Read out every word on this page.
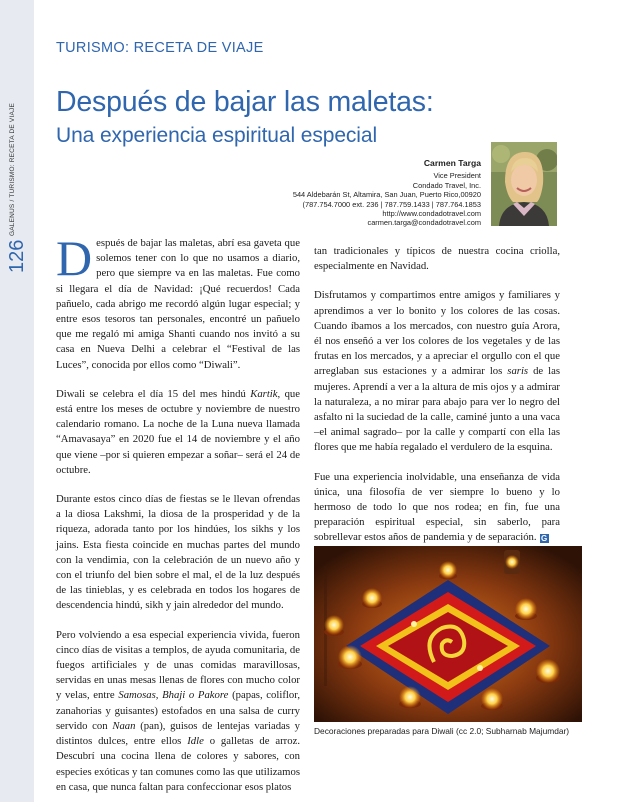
GALENUS / TURISMO: RECETA DE VIAJE
126
TURISMO: RECETA DE VIAJE
Después de bajar las maletas:
Una experiencia espiritual especial
Carmen Targa
Vice President
Condado Travel, Inc.
544 Aldebarán St, Altamira, San Juan, Puerto Rico,00920
(787.754.7000 ext. 236 | 787.759.1433 | 787.764.1853
http://www.condadotravel.com
carmen.targa@condadotravel.com

Después de bajar las maletas, abrí esa gaveta que solemos tener con lo que no usamos a diario, pero que siempre va en las maletas. Fue como si llegara el día de Navidad: ¡Qué recuerdos! Cada pañuelo, cada abrigo me recordó algún lugar especial; y entre esos tesoros tan personales, encontré un pañuelo que me regaló mi amiga Shanti cuando nos invitó a su casa en Nueva Delhi a celebrar el “Festival de las Luces”, conocida por ellos como “Diwali”.

Diwali se celebra el día 15 del mes hindú Kartik, que está entre los meses de octubre y noviembre de nuestro calendario romano. La noche de la Luna nueva llamada “Amavasaya” en 2020 fue el 14 de noviembre y el año que viene –por si quieren empezar a soñar– será el 24 de octubre.

Durante estos cinco días de fiestas se le llevan ofrendas a la diosa Lakshmi, la diosa de la prosperidad y de la riqueza, adorada tanto por los hindúes, los sikhs y los jains. Esta fiesta coincide en muchas partes del mundo con la vendimia, con la celebración de un nuevo año y con el triunfo del bien sobre el mal, el de la luz después de las tinieblas, y es celebrada en todos los hogares de descendencia hindú, sikh y jain alrededor del mundo.

Pero volviendo a esa especial experiencia vivida, fueron cinco días de visitas a templos, de ayuda comunitaria, de fuegos artificiales y de unas comidas maravillosas, servidas en unas mesas llenas de flores con mucho color y velas, entre Samosas, Bhaji o Pakore (papas, coliflor, zanahorias y guisantes) estofados en una salsa de curry servido con Naan (pan), guisos de lentejas variadas y distintos dulces, entre ellos Idle o galletas de arroz. Descubrí una cocina llena de colores y sabores, con especies exóticas y tan comunes como las que utilizamos en casa, que nunca faltan para confeccionar esos platos

tan tradicionales y típicos de nuestra cocina criolla, especialmente en Navidad.

Disfrutamos y compartimos entre amigos y familiares y aprendimos a ver lo bonito y los colores de las cosas. Cuando íbamos a los mercados, con nuestro guía Arora, él nos enseñó a ver los colores de los vegetales y de las frutas en los mercados, y a apreciar el orgullo con el que arreglaban sus estaciones y a admirar los saris de las mujeres. Aprendí a ver a la altura de mis ojos y a admirar la naturaleza, a no mirar para abajo para ver lo negro del asfalto ni la suciedad de la calle, caminé junto a una vaca –el animal sagrado– por la calle y compartí con ella las flores que me había regalado el verdulero de la esquina.

Fue una experiencia inolvidable, una enseñanza de vida única, una filosofía de ver siempre lo bueno y lo hermoso de todo lo que nos rodea; en fin, fue una preparación espiritual especial, sin saberlo, para sobrellevar estos años de pandemia y de separación. G

Decoraciones preparadas para Diwali (cc 2.0; Subharnab Majumdar)
